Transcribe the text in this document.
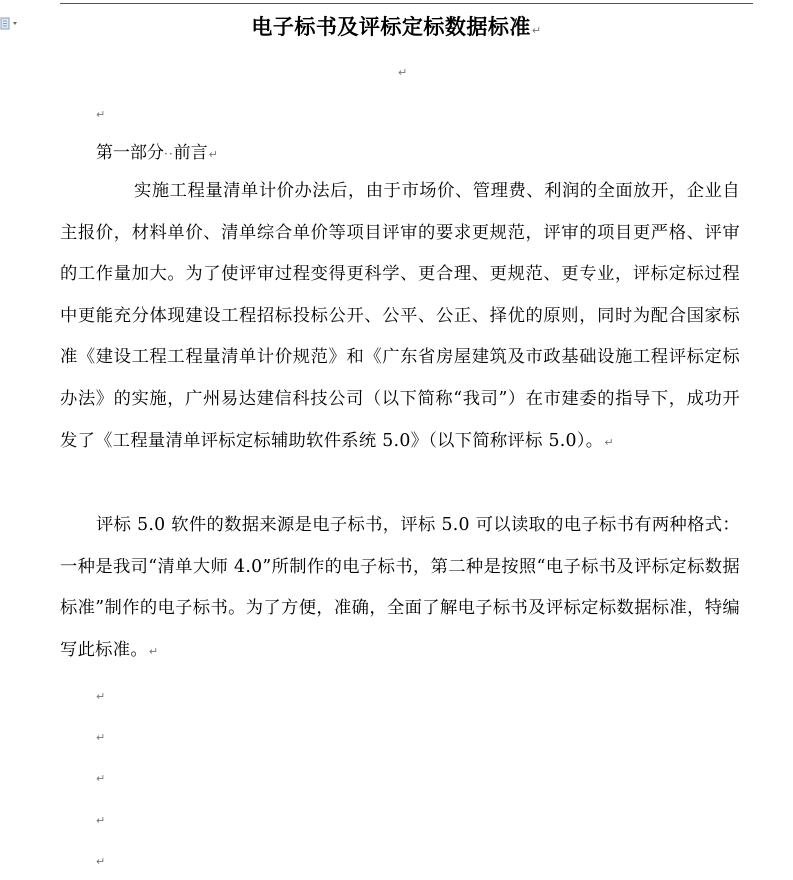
电子标书及评标定标数据标准↵
↵
↵
第一部分··前言↵

实施工程量清单计价办法后，由于市场价、管理费、利润的全面放开，企业自主报价，材料单价、清单综合单价等项目评审的要求更规范，评审的项目更严格、评审的工作量加大。为了使评审过程变得更科学、更合理、更规范、更专业，评标定标过程中更能充分体现建设工程招标投标公开、公平、公正、择优的原则，同时为配合国家标准《建设工程工程量清单计价规范》和《广东省房屋建筑及市政基础设施工程评标定标办法》的实施，广州易达建信科技公司（以下简称“我司”）在市建委的指导下，成功开发了《工程量清单评标定标辅助软件系统 5.0》（以下简称评标 5.0）。↵

评标 5.0 软件的数据来源是电子标书，评标 5.0 可以读取的电子标书有两种格式：一种是我司“清单大师 4.0”所制作的电子标书，第二种是按照“电子标书及评标定标数据标准”制作的电子标书。为了方便，准确，全面了解电子标书及评标定标数据标准，特编写此标准。↵

↵
↵
↵
↵
↵
